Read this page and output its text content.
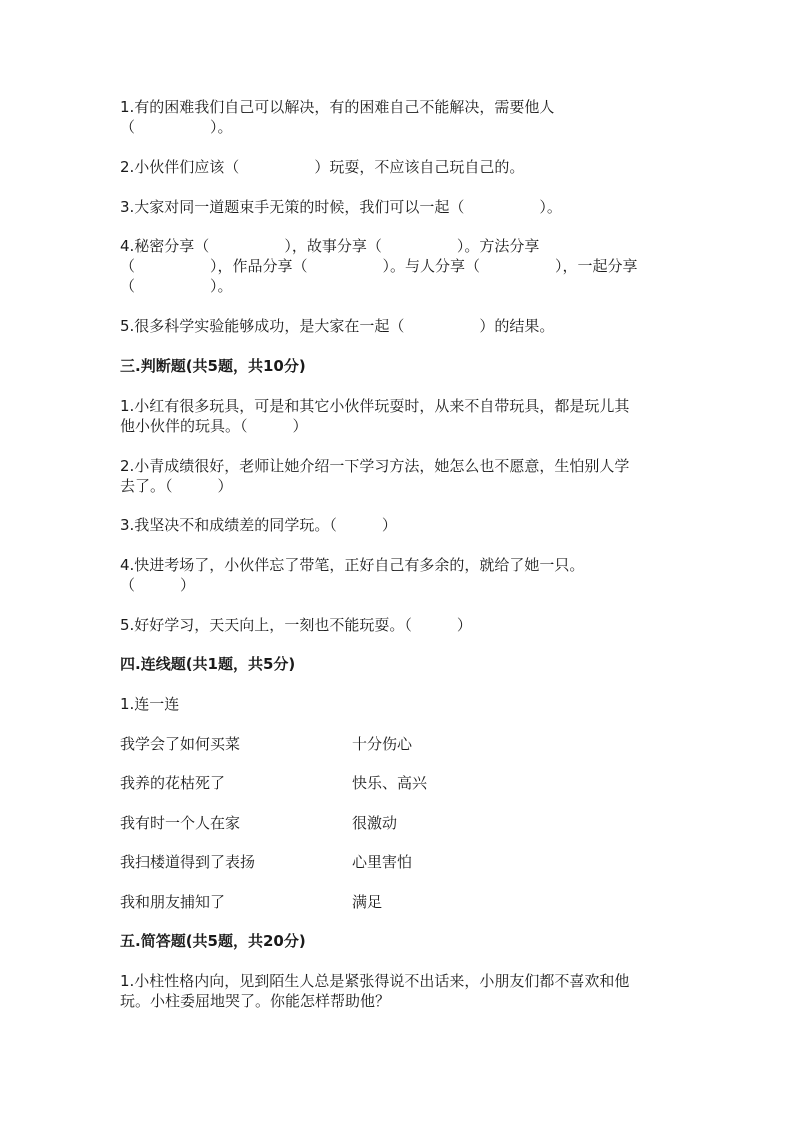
1.有的困难我们自己可以解决，有的困难自己不能解决，需要他人
（　　　　　）。
2.小伙伴们应该（　　　　　）玩耍，不应该自己玩自己的。
3.大家对同一道题束手无策的时候，我们可以一起（　　　　　）。
4.秘密分享（　　　　　），故事分享（　　　　　）。方法分享
（　　　　　），作品分享（　　　　　）。与人分享（　　　　　），一起分享
（　　　　　）。
5.很多科学实验能够成功，是大家在一起（　　　　　）的结果。
三.判断题(共5题，共10分)
1.小红有很多玩具，可是和其它小伙伴玩耍时，从来不自带玩具，都是玩儿其
他小伙伴的玩具。（　　　）
2.小青成绩很好，老师让她介绍一下学习方法，她怎么也不愿意，生怕别人学
去了。（　　　）
3.我坚决不和成绩差的同学玩。（　　　）
4.快进考场了，小伙伴忘了带笔，正好自己有多余的，就给了她一只。
（　　　）
5.好好学习，天天向上，一刻也不能玩耍。（　　　）
四.连线题(共1题，共5分)
1.连一连
我学会了如何买菜	十分伤心
我养的花枯死了	快乐、高兴
我有时一个人在家	很激动
我扫楼道得到了表扬	心里害怕
我和朋友捕知了	满足
五.简答题(共5题，共20分)
1.小柱性格内向，见到陌生人总是紧张得说不出话来，小朋友们都不喜欢和他
玩。小柱委屈地哭了。你能怎样帮助他？
